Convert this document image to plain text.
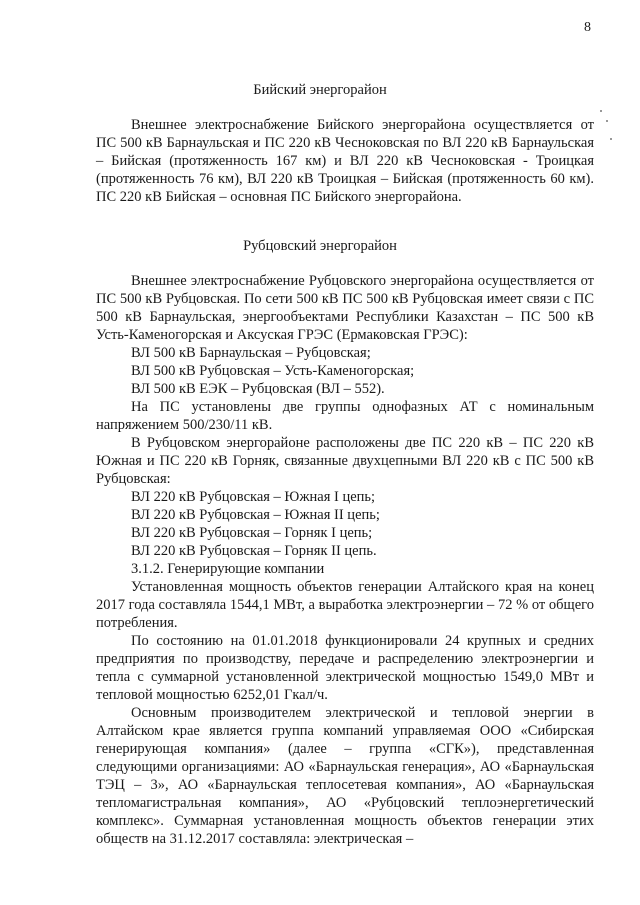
8
Бийский энергорайон
Внешнее электроснабжение Бийского энергорайона осуществляется от ПС 500 кВ Барнаульская и ПС 220 кВ Чесноковская по ВЛ 220 кВ Барнаульская – Бийская (протяженность 167 км) и ВЛ 220 кВ Чесноковская - Троицкая (протяженность 76 км), ВЛ 220 кВ Троицкая – Бийская (протяженность 60 км). ПС 220 кВ Бийская – основная ПС Бийского энергорайона.
Рубцовский энергорайон
Внешнее электроснабжение Рубцовского энергорайона осуществляется от ПС 500 кВ Рубцовская. По сети 500 кВ ПС 500 кВ Рубцовская имеет связи с ПС 500 кВ Барнаульская, энергообъектами Республики Казахстан – ПС 500 кВ Усть-Каменогорская и Аксуская ГРЭС (Ермаковская ГРЭС):
ВЛ 500 кВ Барнаульская – Рубцовская;
ВЛ 500 кВ Рубцовская – Усть-Каменогорская;
ВЛ 500 кВ ЕЭК – Рубцовская (ВЛ – 552).
На ПС установлены две группы однофазных АТ с номинальным напряжением 500/230/11 кВ.
В Рубцовском энергорайоне расположены две ПС 220 кВ – ПС 220 кВ Южная и ПС 220 кВ Горняк, связанные двухцепными ВЛ 220 кВ с ПС 500 кВ Рубцовская:
ВЛ 220 кВ Рубцовская – Южная I цепь;
ВЛ 220 кВ Рубцовская – Южная II цепь;
ВЛ 220 кВ Рубцовская – Горняк I цепь;
ВЛ 220 кВ Рубцовская – Горняк II цепь.
3.1.2. Генерирующие компании
Установленная мощность объектов генерации Алтайского края на конец 2017 года составляла 1544,1 МВт, а выработка электроэнергии – 72 % от общего потребления.
По состоянию на 01.01.2018 функционировали 24 крупных и средних предприятия по производству, передаче и распределению электроэнергии и тепла с суммарной установленной электрической мощностью 1549,0 МВт и тепловой мощностью 6252,01 Гкал/ч.
Основным производителем электрической и тепловой энергии в Алтайском крае является группа компаний управляемая ООО «Сибирская генерирующая компания» (далее – группа «СГК»), представленная следующими организациями: АО «Барнаульская генерация», АО «Барнаульская ТЭЦ – 3», АО «Барнаульская теплосетевая компания», АО «Барнаульская тепломагистральная компания», АО «Рубцовский теплоэнергетический комплекс». Суммарная установленная мощность объектов генерации этих обществ на 31.12.2017 составляла: электрическая –
